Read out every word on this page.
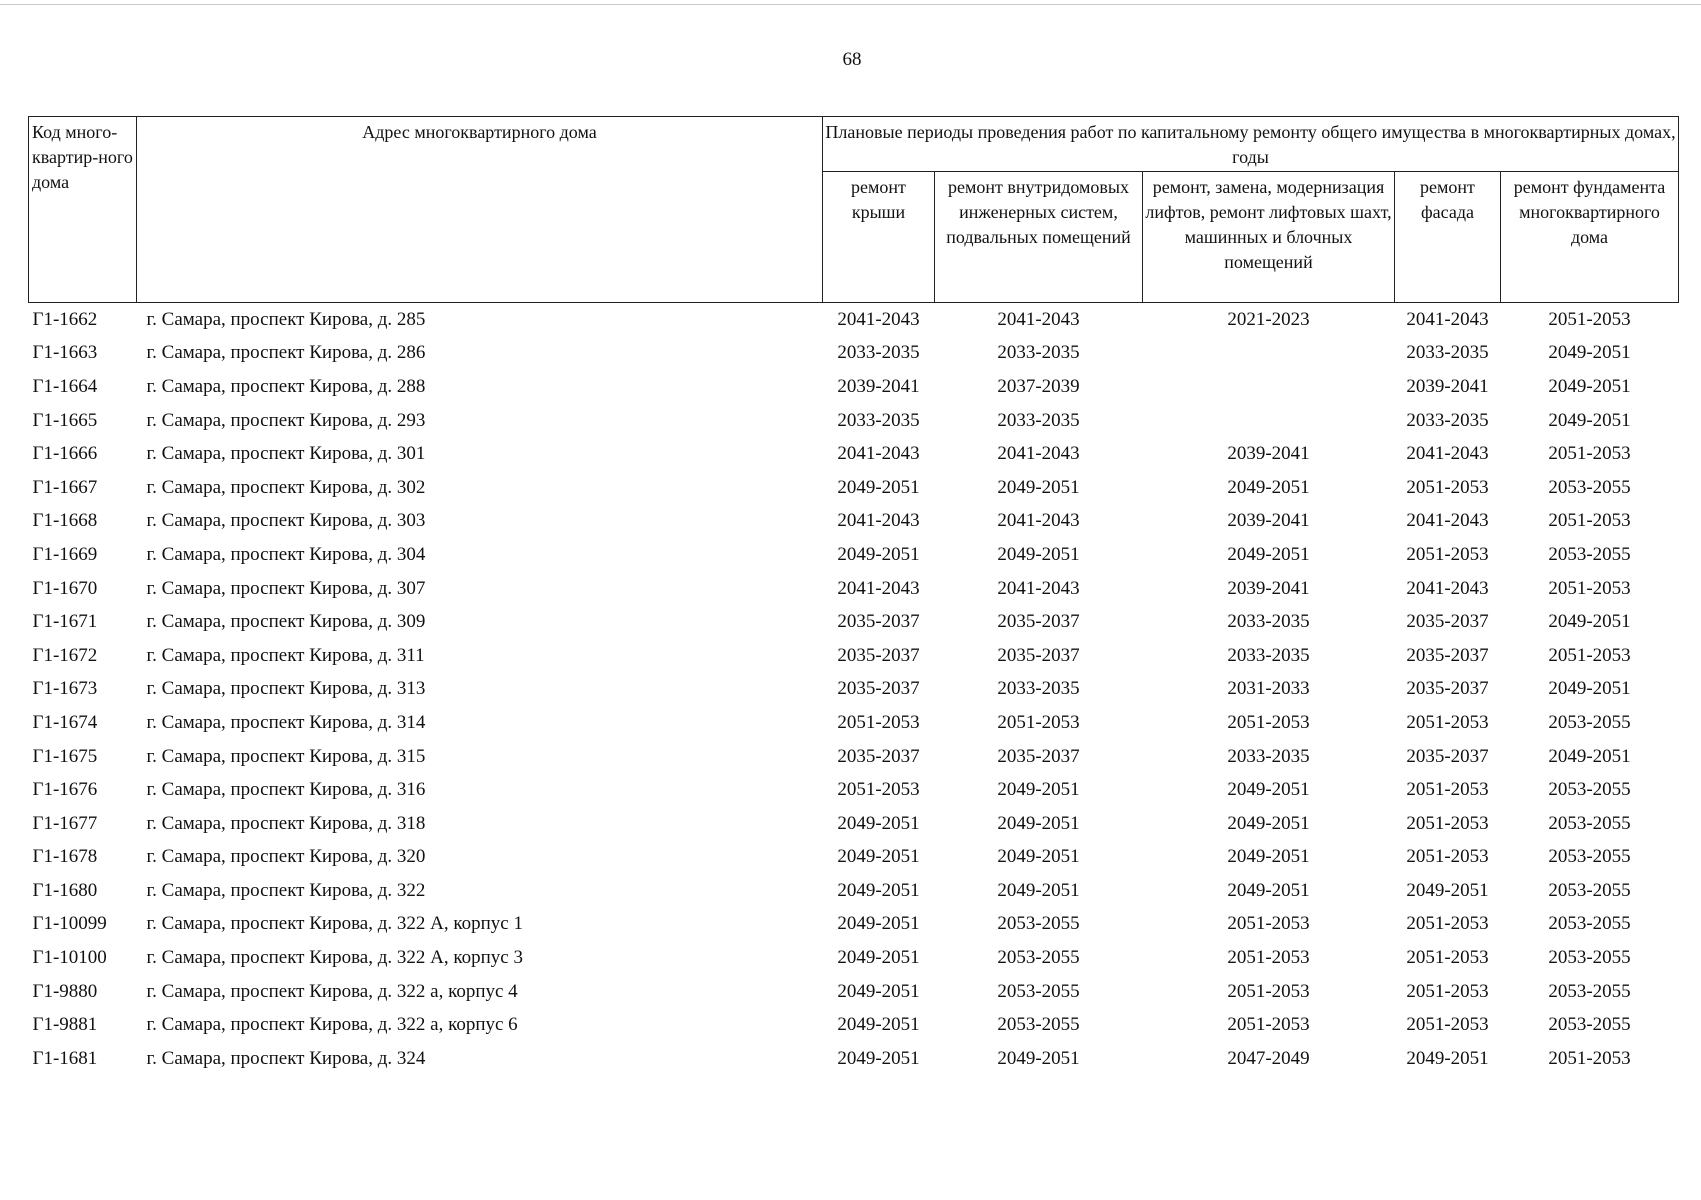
68
Код много-квартир-ного дома	Адрес многоквартирного дома	Плановые периоды проведения работ по капитальному ремонту общего имущества в многоквартирных домах, годы				
		ремонт крыши	ремонт внутридомовых инженерных систем, подвальных помещений	ремонт, замена, модернизация лифтов, ремонт лифтовых шахт, машинных и блочных помещений	ремонт фасада	ремонт фундамента многоквартирного дома
Г1-1662	г. Самара, проспект Кирова, д. 285	2041-2043	2041-2043	2021-2023	2041-2043	2051-2053
Г1-1663	г. Самара, проспект Кирова, д. 286	2033-2035	2033-2035		2033-2035	2049-2051
Г1-1664	г. Самара, проспект Кирова, д. 288	2039-2041	2037-2039		2039-2041	2049-2051
Г1-1665	г. Самара, проспект Кирова, д. 293	2033-2035	2033-2035		2033-2035	2049-2051
Г1-1666	г. Самара, проспект Кирова, д. 301	2041-2043	2041-2043	2039-2041	2041-2043	2051-2053
Г1-1667	г. Самара, проспект Кирова, д. 302	2049-2051	2049-2051	2049-2051	2051-2053	2053-2055
Г1-1668	г. Самара, проспект Кирова, д. 303	2041-2043	2041-2043	2039-2041	2041-2043	2051-2053
Г1-1669	г. Самара, проспект Кирова, д. 304	2049-2051	2049-2051	2049-2051	2051-2053	2053-2055
Г1-1670	г. Самара, проспект Кирова, д. 307	2041-2043	2041-2043	2039-2041	2041-2043	2051-2053
Г1-1671	г. Самара, проспект Кирова, д. 309	2035-2037	2035-2037	2033-2035	2035-2037	2049-2051
Г1-1672	г. Самара, проспект Кирова, д. 311	2035-2037	2035-2037	2033-2035	2035-2037	2051-2053
Г1-1673	г. Самара, проспект Кирова, д. 313	2035-2037	2033-2035	2031-2033	2035-2037	2049-2051
Г1-1674	г. Самара, проспект Кирова, д. 314	2051-2053	2051-2053	2051-2053	2051-2053	2053-2055
Г1-1675	г. Самара, проспект Кирова, д. 315	2035-2037	2035-2037	2033-2035	2035-2037	2049-2051
Г1-1676	г. Самара, проспект Кирова, д. 316	2051-2053	2049-2051	2049-2051	2051-2053	2053-2055
Г1-1677	г. Самара, проспект Кирова, д. 318	2049-2051	2049-2051	2049-2051	2051-2053	2053-2055
Г1-1678	г. Самара, проспект Кирова, д. 320	2049-2051	2049-2051	2049-2051	2051-2053	2053-2055
Г1-1680	г. Самара, проспект Кирова, д. 322	2049-2051	2049-2051	2049-2051	2049-2051	2053-2055
Г1-10099	г. Самара, проспект Кирова, д. 322 А, корпус 1	2049-2051	2053-2055	2051-2053	2051-2053	2053-2055
Г1-10100	г. Самара, проспект Кирова, д. 322 А, корпус 3	2049-2051	2053-2055	2051-2053	2051-2053	2053-2055
Г1-9880	г. Самара, проспект Кирова, д. 322 а, корпус 4	2049-2051	2053-2055	2051-2053	2051-2053	2053-2055
Г1-9881	г. Самара, проспект Кирова, д. 322 а, корпус 6	2049-2051	2053-2055	2051-2053	2051-2053	2053-2055
Г1-1681	г. Самара, проспект Кирова, д. 324	2049-2051	2049-2051	2047-2049	2049-2051	2051-2053
